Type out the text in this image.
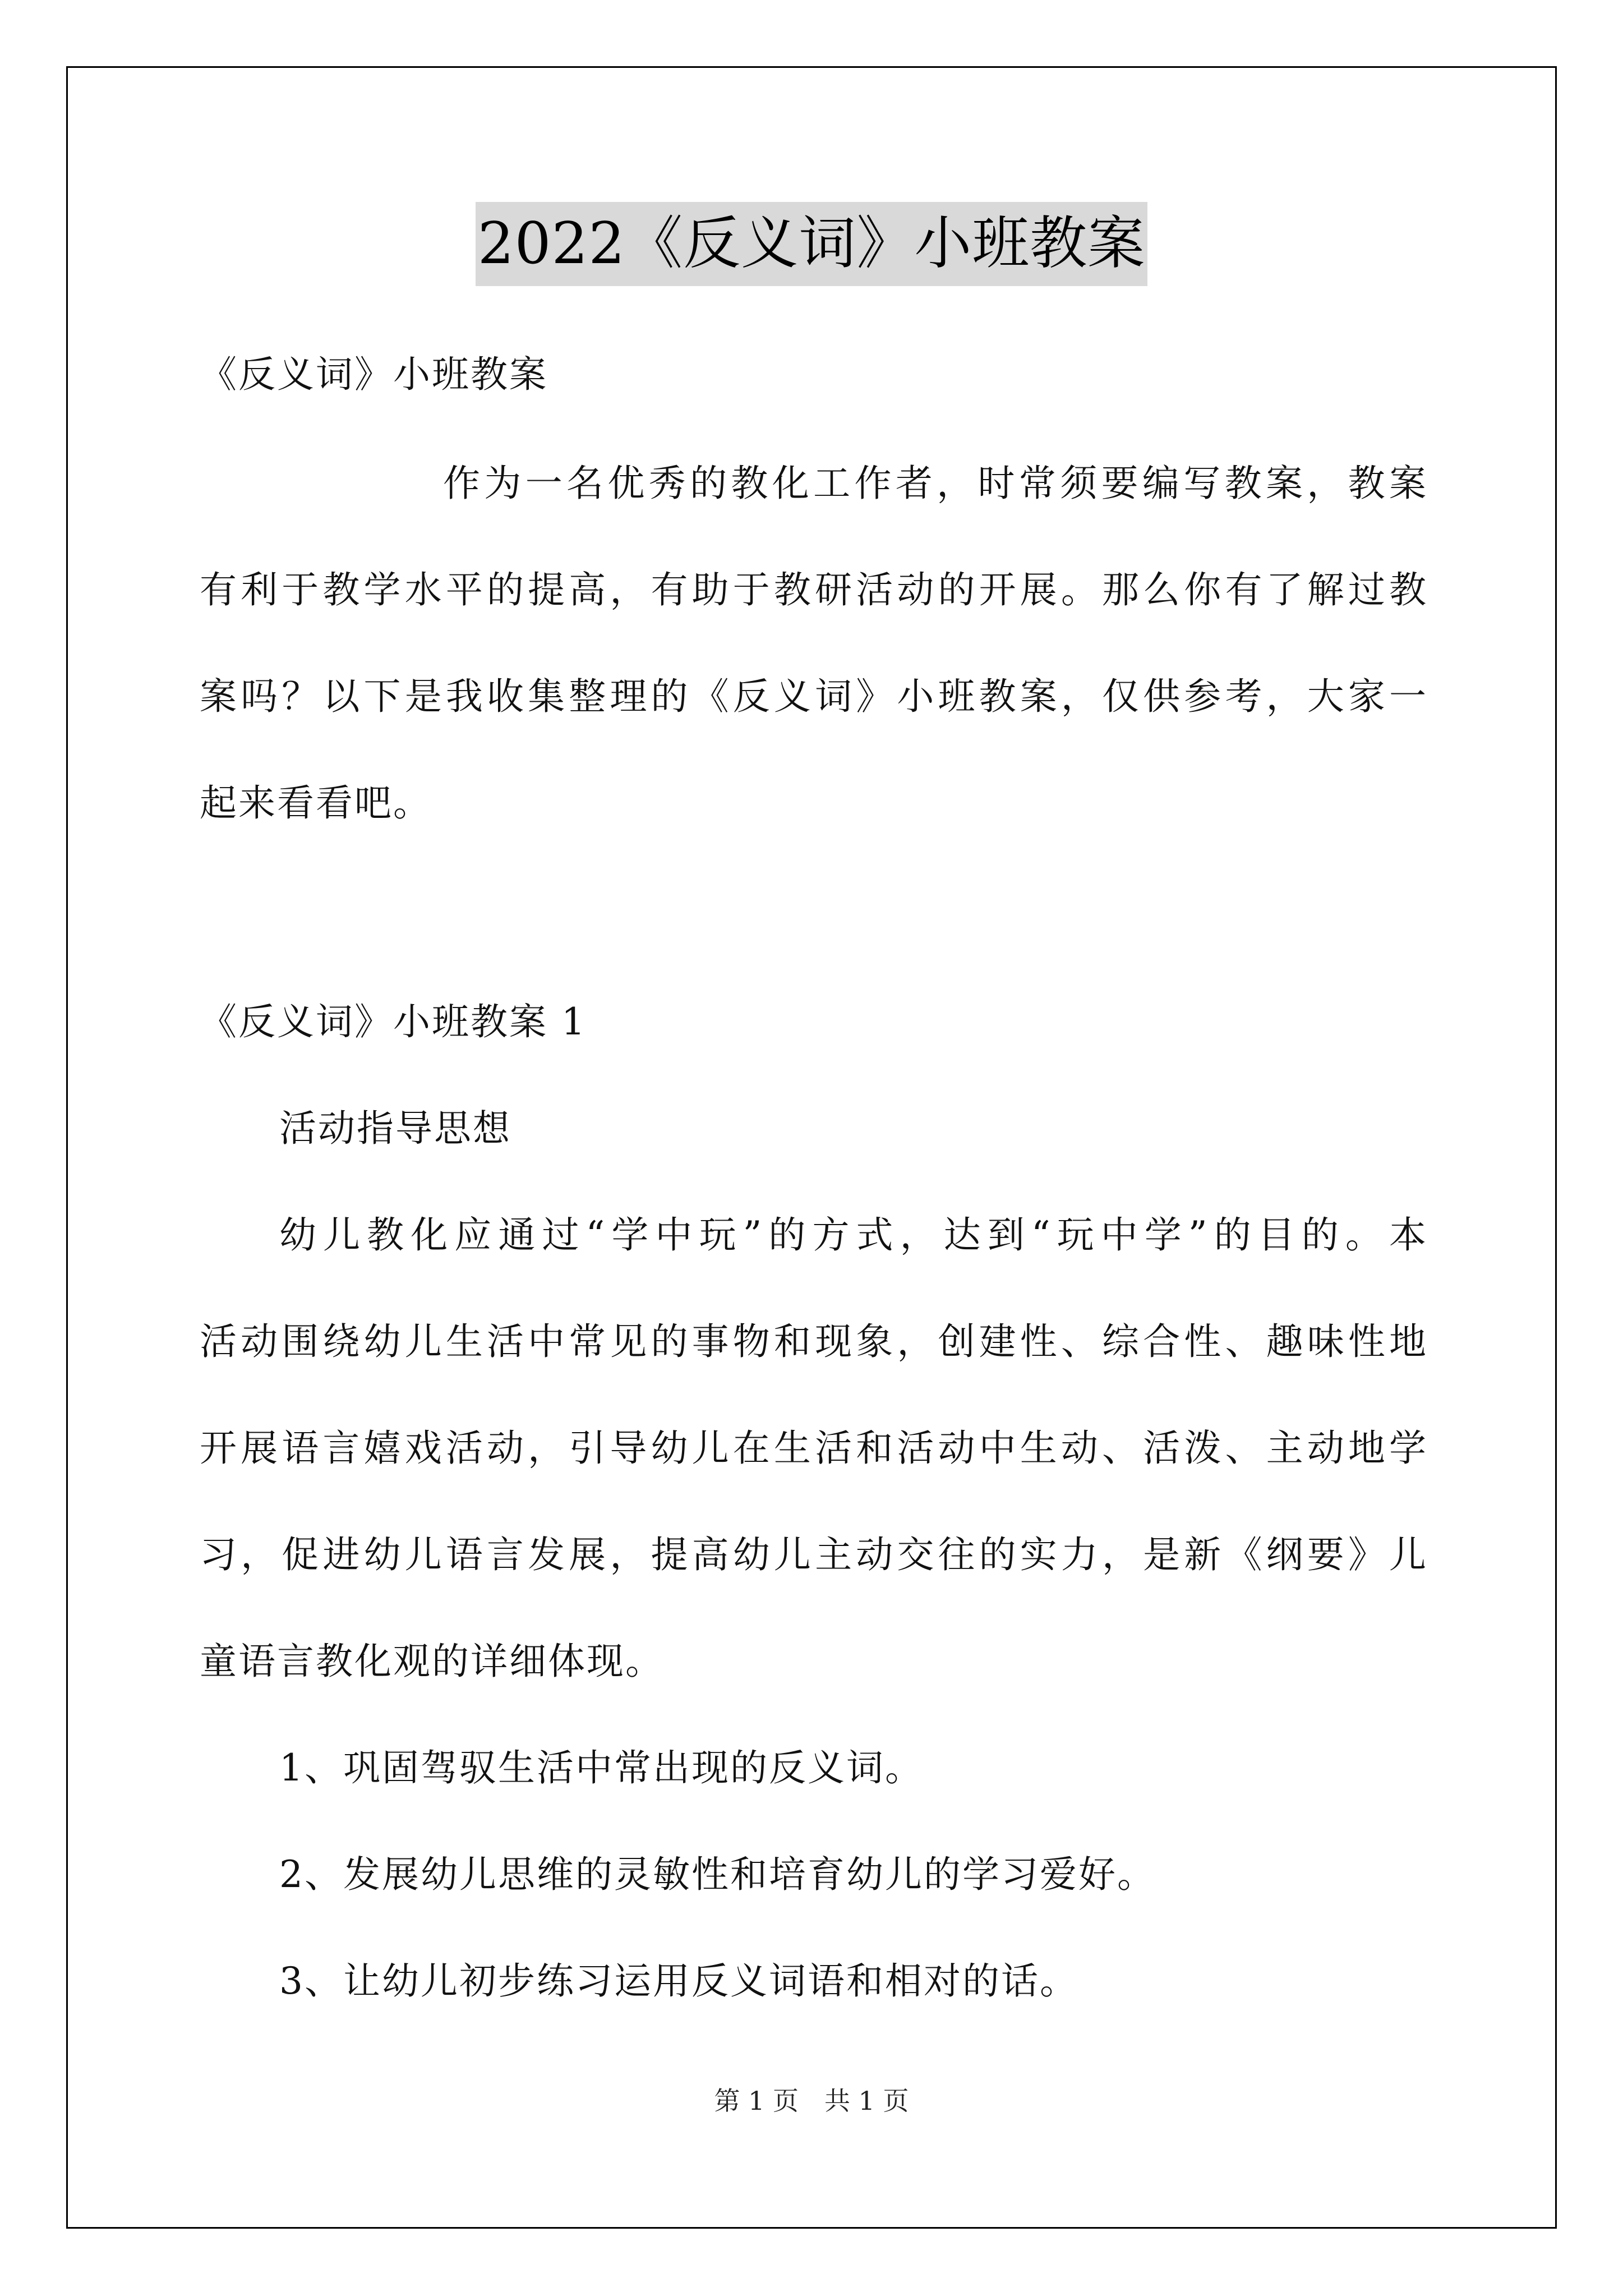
2022《反义词》小班教案
《反义词》小班教案
作为一名优秀的教化工作者，时常须要编写教案，教案
有利于教学水平的提高，有助于教研活动的开展。那么你有了解过教
案吗？以下是我收集整理的《反义词》小班教案，仅供参考，大家一
起来看看吧。
《反义词》小班教案 1
活动指导思想
幼儿教化应通过“学中玩”的方式，达到“玩中学”的目的。本
活动围绕幼儿生活中常见的事物和现象，创建性、综合性、趣味性地
开展语言嬉戏活动，引导幼儿在生活和活动中生动、活泼、主动地学
习，促进幼儿语言发展，提高幼儿主动交往的实力，是新《纲要》儿
童语言教化观的详细体现。
1、巩固驾驭生活中常出现的反义词。
2、发展幼儿思维的灵敏性和培育幼儿的学习爱好。
3、让幼儿初步练习运用反义词语和相对的话。
第 1 页　共 1 页
